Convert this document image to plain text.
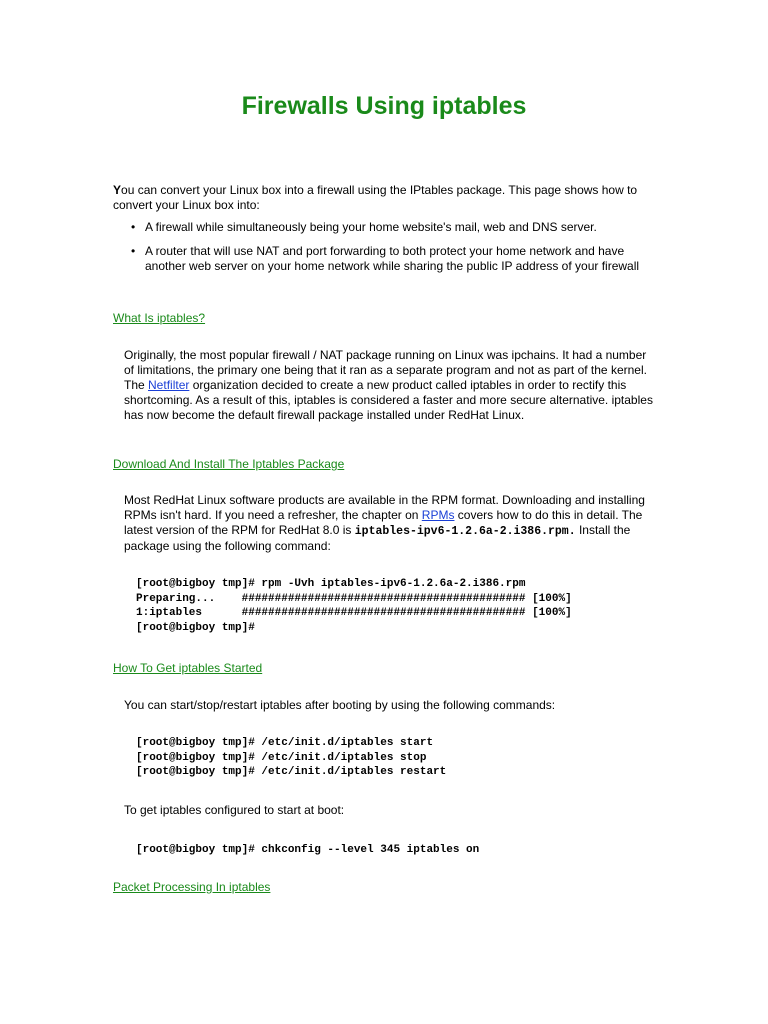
Firewalls Using iptables
You can convert your Linux box into a firewall using the IPtables package. This page shows how to convert your Linux box into:
• A firewall while simultaneously being your home website's mail, web and DNS server.
• A router that will use NAT and port forwarding to both protect your home network and have another web server on your home network while sharing the public IP address of your firewall
What Is iptables?
Originally, the most popular firewall / NAT package running on Linux was ipchains. It had a number of limitations, the primary one being that it ran as a separate program and not as part of the kernel. The Netfilter organization decided to create a new product called iptables in order to rectify this shortcoming. As a result of this, iptables is considered a faster and more secure alternative. iptables has now become the default firewall package installed under RedHat Linux.
Download And Install The Iptables Package
Most RedHat Linux software products are available in the RPM format. Downloading and installing RPMs isn't hard. If you need a refresher, the chapter on RPMs covers how to do this in detail. The latest version of the RPM for RedHat 8.0 is iptables-ipv6-1.2.6a-2.i386.rpm. Install the package using the following command:
[root@bigboy tmp]# rpm -Uvh iptables-ipv6-1.2.6a-2.i386.rpm
Preparing...    ########################################### [100%]
1:iptables      ########################################### [100%]
[root@bigboy tmp]#
How To Get iptables Started
You can start/stop/restart iptables after booting by using the following commands:
[root@bigboy tmp]# /etc/init.d/iptables start
[root@bigboy tmp]# /etc/init.d/iptables stop
[root@bigboy tmp]# /etc/init.d/iptables restart
To get iptables configured to start at boot:
[root@bigboy tmp]# chkconfig --level 345 iptables on
Packet Processing In iptables
